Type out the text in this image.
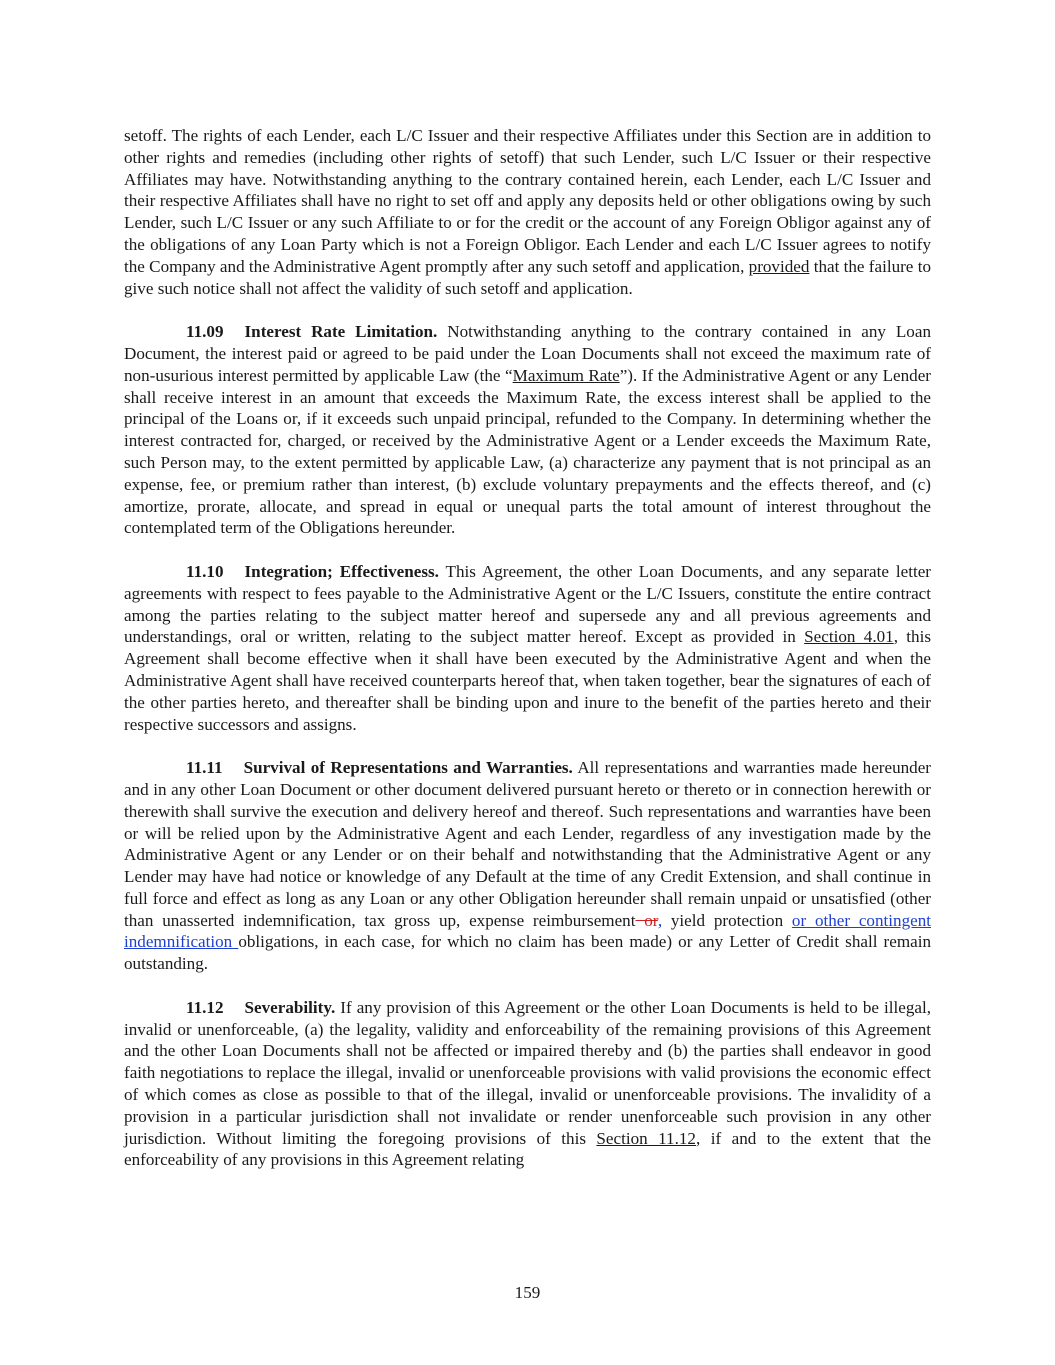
setoff. The rights of each Lender, each L/C Issuer and their respective Affiliates under this Section are in addition to other rights and remedies (including other rights of setoff) that such Lender, such L/C Issuer or their respective Affiliates may have. Notwithstanding anything to the contrary contained herein, each Lender, each L/C Issuer and their respective Affiliates shall have no right to set off and apply any deposits held or other obligations owing by such Lender, such L/C Issuer or any such Affiliate to or for the credit or the account of any Foreign Obligor against any of the obligations of any Loan Party which is not a Foreign Obligor. Each Lender and each L/C Issuer agrees to notify the Company and the Administrative Agent promptly after any such setoff and application, provided that the failure to give such notice shall not affect the validity of such setoff and application.

11.09 Interest Rate Limitation. Notwithstanding anything to the contrary contained in any Loan Document, the interest paid or agreed to be paid under the Loan Documents shall not exceed the maximum rate of non-usurious interest permitted by applicable Law (the “Maximum Rate”). If the Administrative Agent or any Lender shall receive interest in an amount that exceeds the Maximum Rate, the excess interest shall be applied to the principal of the Loans or, if it exceeds such unpaid principal, refunded to the Company. In determining whether the interest contracted for, charged, or received by the Administrative Agent or a Lender exceeds the Maximum Rate, such Person may, to the extent permitted by applicable Law, (a) characterize any payment that is not principal as an expense, fee, or premium rather than interest, (b) exclude voluntary prepayments and the effects thereof, and (c) amortize, prorate, allocate, and spread in equal or unequal parts the total amount of interest throughout the contemplated term of the Obligations hereunder.

11.10 Integration; Effectiveness. This Agreement, the other Loan Documents, and any separate letter agreements with respect to fees payable to the Administrative Agent or the L/C Issuers, constitute the entire contract among the parties relating to the subject matter hereof and supersede any and all previous agreements and understandings, oral or written, relating to the subject matter hereof. Except as provided in Section 4.01, this Agreement shall become effective when it shall have been executed by the Administrative Agent and when the Administrative Agent shall have received counterparts hereof that, when taken together, bear the signatures of each of the other parties hereto, and thereafter shall be binding upon and inure to the benefit of the parties hereto and their respective successors and assigns.

11.11 Survival of Representations and Warranties. All representations and warranties made hereunder and in any other Loan Document or other document delivered pursuant hereto or thereto or in connection herewith or therewith shall survive the execution and delivery hereof and thereof. Such representations and warranties have been or will be relied upon by the Administrative Agent and each Lender, regardless of any investigation made by the Administrative Agent or any Lender or on their behalf and notwithstanding that the Administrative Agent or any Lender may have had notice or knowledge of any Default at the time of any Credit Extension, and shall continue in full force and effect as long as any Loan or any other Obligation hereunder shall remain unpaid or unsatisfied (other than unasserted indemnification, tax gross up, expense reimbursement or, yield protection or other contingent indemnification obligations, in each case, for which no claim has been made) or any Letter of Credit shall remain outstanding.

11.12 Severability. If any provision of this Agreement or the other Loan Documents is held to be illegal, invalid or unenforceable, (a) the legality, validity and enforceability of the remaining provisions of this Agreement and the other Loan Documents shall not be affected or impaired thereby and (b) the parties shall endeavor in good faith negotiations to replace the illegal, invalid or unenforceable provisions with valid provisions the economic effect of which comes as close as possible to that of the illegal, invalid or unenforceable provisions. The invalidity of a provision in a particular jurisdiction shall not invalidate or render unenforceable such provision in any other jurisdiction. Without limiting the foregoing provisions of this Section 11.12, if and to the extent that the enforceability of any provisions in this Agreement relating

159
